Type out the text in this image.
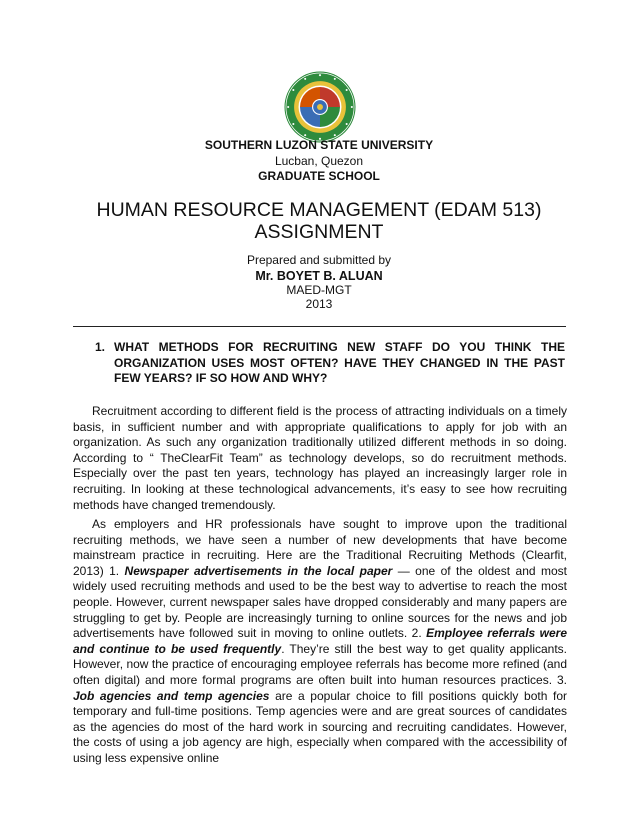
SOUTHERN LUZON STATE UNIVERSITY
Lucban, Quezon
GRADUATE SCHOOL
HUMAN RESOURCE MANAGEMENT (EDAM 513)
ASSIGNMENT
Prepared and submitted by
Mr. BOYET B. ALUAN
MAED-MGT
2013
1. WHAT METHODS FOR RECRUITING NEW STAFF DO YOU THINK THE ORGANIZATION USES MOST OFTEN? HAVE THEY CHANGED IN THE PAST FEW YEARS? IF SO HOW AND WHY?

Recruitment according to different field is the process of attracting individuals on a timely basis, in sufficient number and with appropriate qualifications to apply for job with an organization. As such any organization traditionally utilized different methods in so doing. According to “ TheClearFit Team” as technology develops, so do recruitment methods. Especially over the past ten years, technology has played an increasingly larger role in recruiting. In looking at these technological advancements, it’s easy to see how recruiting methods have changed tremendously.

As employers and HR professionals have sought to improve upon the traditional recruiting methods, we have seen a number of new developments that have become mainstream practice in recruiting. Here are the Traditional Recruiting Methods (Clearfit, 2013) 1. Newspaper advertisements in the local paper — one of the oldest and most widely used recruiting methods and used to be the best way to advertise to reach the most people. However, current newspaper sales have dropped considerably and many papers are struggling to get by. People are increasingly turning to online sources for the news and job advertisements have followed suit in moving to online outlets. 2. Employee referrals were and continue to be used frequently. They’re still the best way to get quality applicants. However, now the practice of encouraging employee referrals has become more refined (and often digital) and more formal programs are often built into human resources practices. 3. Job agencies and temp agencies are a popular choice to fill positions quickly both for temporary and full-time positions. Temp agencies were and are great sources of candidates as the agencies do most of the hard work in sourcing and recruiting candidates. However, the costs of using a job agency are high, especially when compared with the accessibility of using less expensive online
